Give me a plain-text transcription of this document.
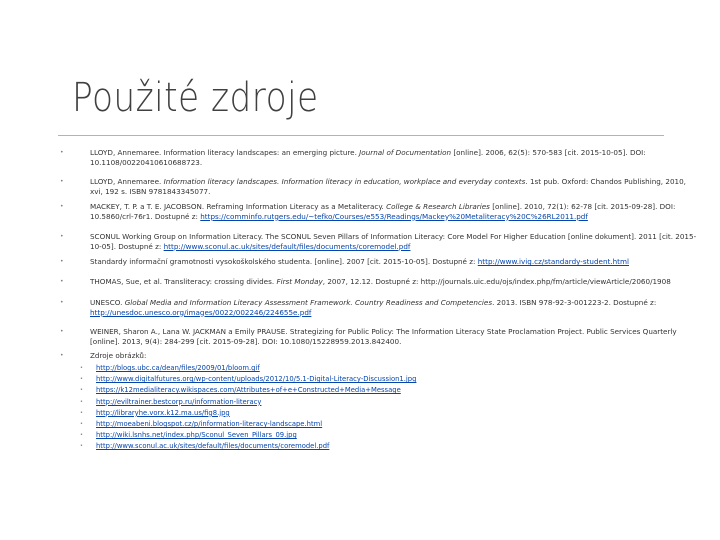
Použité zdroje
•	LLOYD, Annemaree. Information literacy landscapes: an emerging picture. Journal of Documentation [online]. 2006, 62(5): 570-583 [cit. 2015-10-05]. DOI: 10.1108/00220410610688723.
•	LLOYD, Annemaree. Information literacy landscapes. Information literacy in education, workplace and everyday contexts. 1st pub. Oxford: Chandos Publishing, 2010, xvi, 192 s. ISBN 9781843345077.
•	MACKEY, T. P. a T. E. JACOBSON. Reframing Information Literacy as a Metaliteracy. College & Research Libraries [online]. 2010, 72(1): 62-78 [cit. 2015-09-28]. DOI: 10.5860/crl-76r1. Dostupné z: https://comminfo.rutgers.edu/~tefko/Courses/e553/Readings/Mackey%20Metaliteracy%20C%26RL2011.pdf
•	SCONUL Working Group on Information Literacy. The SCONUL Seven Pillars of Information Literacy: Core Model For Higher Education [online dokument]. 2011 [cit. 2015-10-05]. Dostupné z: http://www.sconul.ac.uk/sites/default/files/documents/coremodel.pdf
•	Standardy informační gramotnosti vysokoškolského studenta. [online]. 2007 [cit. 2015-10-05]. Dostupné z: http://www.ivig.cz/standardy-student.html
•	THOMAS, Sue, et al. Transliteracy: crossing divides. First Monday, 2007, 12.12. Dostupné z: http://journals.uic.edu/ojs/index.php/fm/article/viewArticle/2060/1908
•	UNESCO. Global Media and Information Literacy Assessment Framework. Country Readiness and Competencies. 2013. ISBN 978-92-3-001223-2. Dostupné z: http://unesdoc.unesco.org/images/0022/002246/224655e.pdf
•	WEINER, Sharon A., Lana W. JACKMAN a Emily PRAUSE. Strategizing for Public Policy: The Information Literacy State Proclamation Project. Public Services Quarterly [online]. 2013, 9(4): 284-299 [cit. 2015-09-28]. DOI: 10.1080/15228959.2013.842400.
•	Zdroje obrázků:
• http://blogs.ubc.ca/dean/files/2009/01/bloom.gif
• http://www.digitalfutures.org/wp-content/uploads/2012/10/5.1-Digital-Literacy-Discussion1.jpg
• https://k12medialiteracy.wikispaces.com/Attributes+of+e+Constructed+Media+Message
• http://eviltrainer.bestcorp.ru/information-literacy
• http://libraryhe.vorx.k12.ma.us/fig8.jpg
• http://moeabeni.blogspot.cz/p/information-literacy-landscape.html
• http://wiki.lsnhs.net/index.php/Sconul_Seven_Pillars_09.jpg
• http://www.sconul.ac.uk/sites/default/files/documents/coremodel.pdf
